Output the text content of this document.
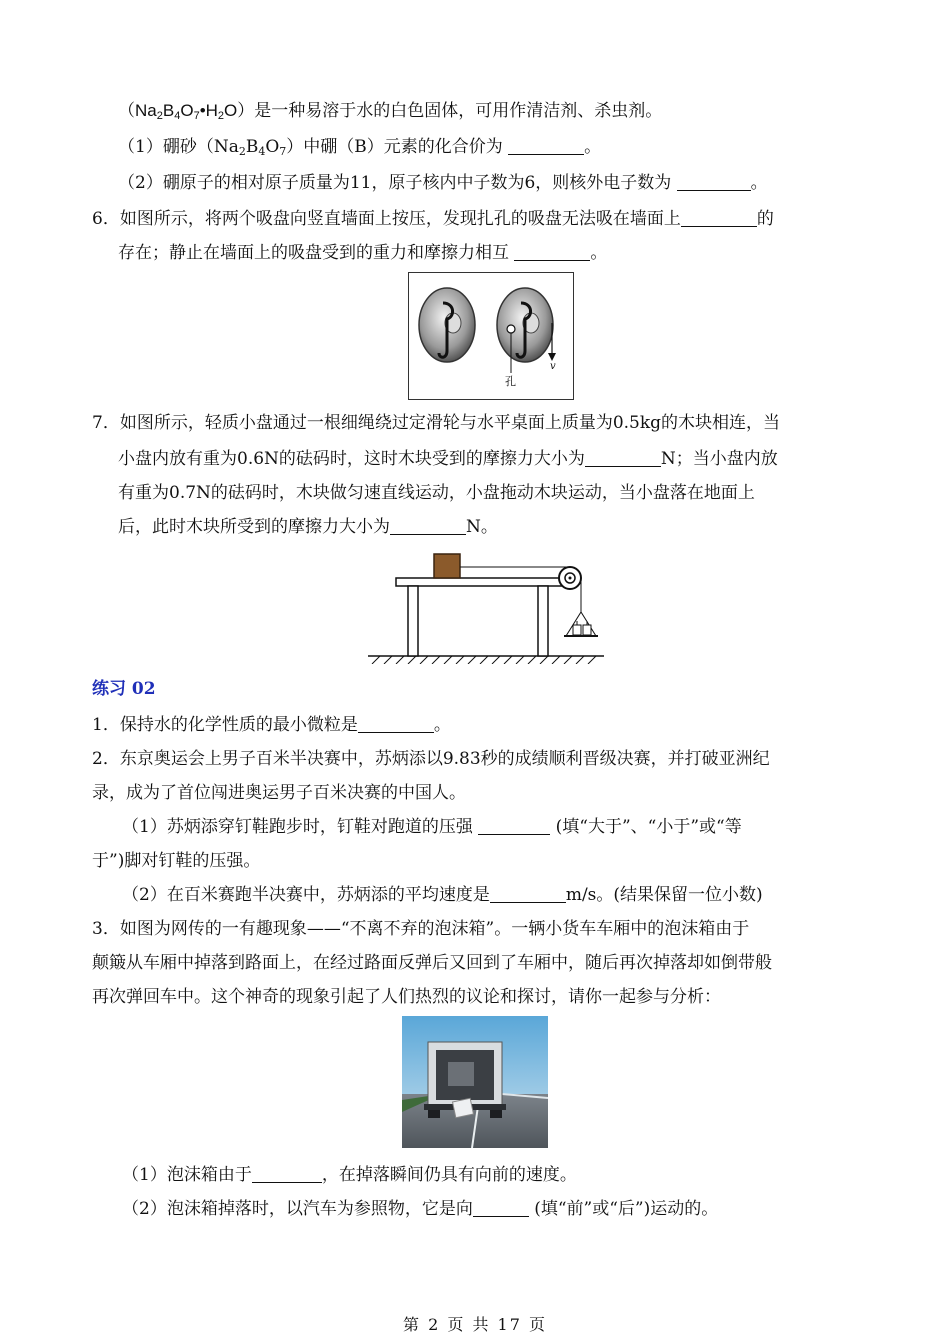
$(Na_2B_4O_7•H_2O)$是一种易溶于水的白色固体，可用作清洁剂、杀虫剂。
（1）硼砂$(Na_2B_4O_7)$中硼（B）元素的化合价为	。
（2）硼原子的相对原子质量为11，原子核内中子数为6，则核外电子数为	。
6．如图所示，将两个吸盘向竖直墙面上按压，发现扎孔的吸盘无法吸在墙面上	的
存在；静止在墙面上的吸盘受到的重力和摩擦力相互	。
孔
v
7．如图所示，轻质小盘通过一根细绳绕过定滑轮与水平桌面上质量为0.5kg的木块相连，当
小盘内放有重为0.6N的砝码时，这时木块受到的摩擦力大小为	N；当小盘内放
有重为0.7N的砝码时，木块做匀速直线运动，小盘拖动木块运动，当小盘落在地面上
后，此时木块所受到的摩擦力大小为	N。
练习 02
1．保持水的化学性质的最小微粒是	。
2．东京奥运会上男子百米半决赛中，苏炳添以9.83秒的成绩顺利晋级决赛，并打破亚洲纪
录，成为了首位闯进奥运男子百米决赛的中国人。
（1）苏炳添穿钉鞋跑步时，钉鞋对跑道的压强	(填“大于”、“小于”或“等
于”)脚对钉鞋的压强。
（2）在百米赛跑半决赛中，苏炳添的平均速度是	m/s。(结果保留一位小数)
3．如图为网传的一有趣现象——“不离不弃的泡沫箱”。一辆小货车车厢中的泡沫箱由于
颠簸从车厢中掉落到路面上，在经过路面反弹后又回到了车厢中，随后再次掉落却如倒带般
再次弹回车中。这个神奇的现象引起了人们热烈的议论和探讨，请你一起参与分析：
（1）泡沫箱由于	，在掉落瞬间仍具有向前的速度。
（2）泡沫箱掉落时，以汽车为参照物，它是向	(填“前”或“后”)运动的。
第 2 页 共 17 页
